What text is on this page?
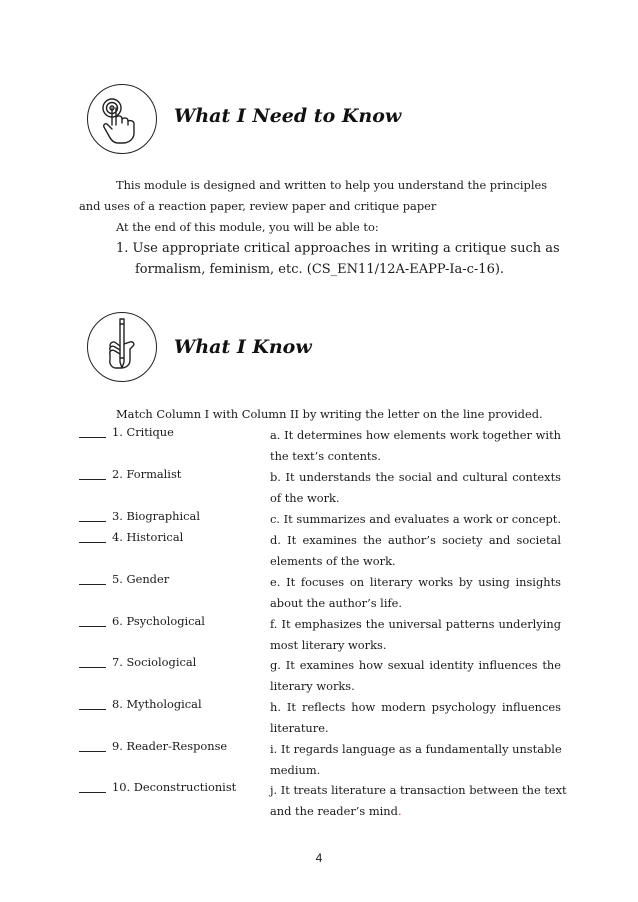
What I Need to Know
This module is designed and written to help you understand the principles
and uses of a reaction paper, review paper and critique paper
At the end of this module, you will be able to:
1. Use appropriate critical approaches in writing a critique such as
formalism, feminism, etc. (CS_EN11/12A-EAPP-Ia-c-16).
What I Know
Match Column I with Column II by writing the letter on the line provided.
1. Critique	a. It determines how elements work together with
the text’s contents.
2. Formalist	b. It understands the social and cultural contexts
of the work.
3. Biographical	c. It summarizes and evaluates a work or concept.
4. Historical	d. It examines the author’s society and societal
elements of the work.
5. Gender	e. It focuses on literary works by using insights
about the author’s life.
6. Psychological	f. It emphasizes the universal patterns underlying
most literary works.
7. Sociological	g. It examines how sexual identity influences the
literary works.
8. Mythological	h. It reflects how modern psychology influences
literature.
9. Reader-Response	i. It regards language as a fundamentally unstable
medium.
10. Deconstructionist	j. It treats literature a transaction between the text
and the reader’s mind.
4
